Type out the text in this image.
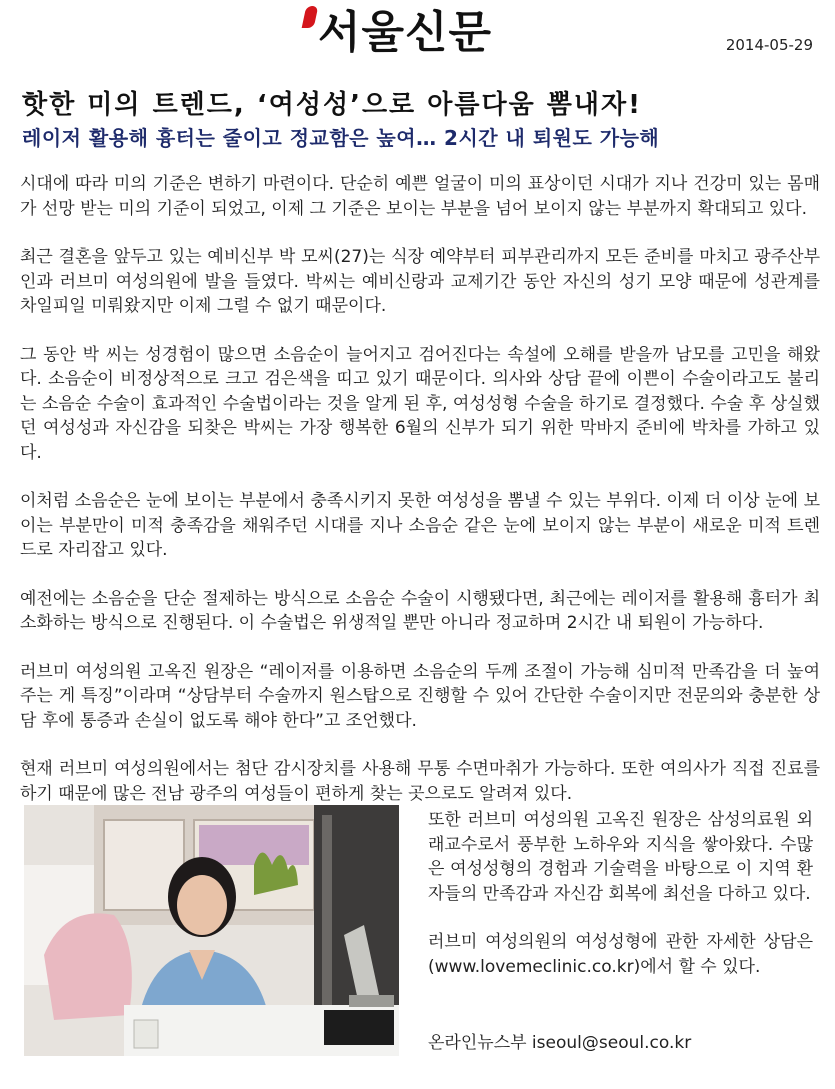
서울신문	2014-05-29
핫한 미의 트렌드, ‘여성성’으로 아름다움 뽐내자!
레이저 활용해 흉터는 줄이고 정교함은 높여… 2시간 내 퇴원도 가능해

시대에 따라 미의 기준은 변하기 마련이다. 단순히 예쁜 얼굴이 미의 표상이던 시대가 지나 건강미 있는 몸매가 선망 받는 미의 기준이 되었고, 이제 그 기준은 보이는 부분을 넘어 보이지 않는 부분까지 확대되고 있다.

최근 결혼을 앞두고 있는 예비신부 박 모씨(27)는 식장 예약부터 피부관리까지 모든 준비를 마치고 광주산부인과 러브미 여성의원에 발을 들였다. 박씨는 예비신랑과 교제기간 동안 자신의 성기 모양 때문에 성관계를 차일피일 미뤄왔지만 이제 그럴 수 없기 때문이다.

그 동안 박 씨는 성경험이 많으면 소음순이 늘어지고 검어진다는 속설에 오해를 받을까 남모를 고민을 해왔다. 소음순이 비정상적으로 크고 검은색을 띠고 있기 때문이다. 의사와 상담 끝에 이쁜이 수술이라고도 불리는 소음순 수술이 효과적인 수술법이라는 것을 알게 된 후, 여성성형 수술을 하기로 결정했다. 수술 후 상실했던 여성성과 자신감을 되찾은 박씨는 가장 행복한 6월의 신부가 되기 위한 막바지 준비에 박차를 가하고 있다.

이처럼 소음순은 눈에 보이는 부분에서 충족시키지 못한 여성성을 뽐낼 수 있는 부위다. 이제 더 이상 눈에 보이는 부분만이 미적 충족감을 채워주던 시대를 지나 소음순 같은 눈에 보이지 않는 부분이 새로운 미적 트렌드로 자리잡고 있다.

예전에는 소음순을 단순 절제하는 방식으로 소음순 수술이 시행됐다면, 최근에는 레이저를 활용해 흉터가 최소화하는 방식으로 진행된다. 이 수술법은 위생적일 뿐만 아니라 정교하며 2시간 내 퇴원이 가능하다.

러브미 여성의원 고옥진 원장은 “레이저를 이용하면 소음순의 두께 조절이 가능해 심미적 만족감을 더 높여주는 게 특징”이라며 “상담부터 수술까지 원스탑으로 진행할 수 있어 간단한 수술이지만 전문의와 충분한 상담 후에 통증과 손실이 없도록 해야 한다”고 조언했다.

현재 러브미 여성의원에서는 첨단 감시장치를 사용해 무통 수면마취가 가능하다. 또한 여의사가 직접 진료를 하기 때문에 많은 전남 광주의 여성들이 편하게 찾는 곳으로도 알려져 있다.

또한 러브미 여성의원 고옥진 원장은 삼성의료원 외래교수로서 풍부한 노하우와 지식을 쌓아왔다. 수많은 여성성형의 경험과 기술력을 바탕으로 이 지역 환자들의 만족감과 자신감 회복에 최선을 다하고 있다.

러브미 여성의원의 여성성형에 관한 자세한 상담은(www.lovemeclinic.co.kr)에서 할 수 있다.

온라인뉴스부 iseoul@seoul.co.kr
